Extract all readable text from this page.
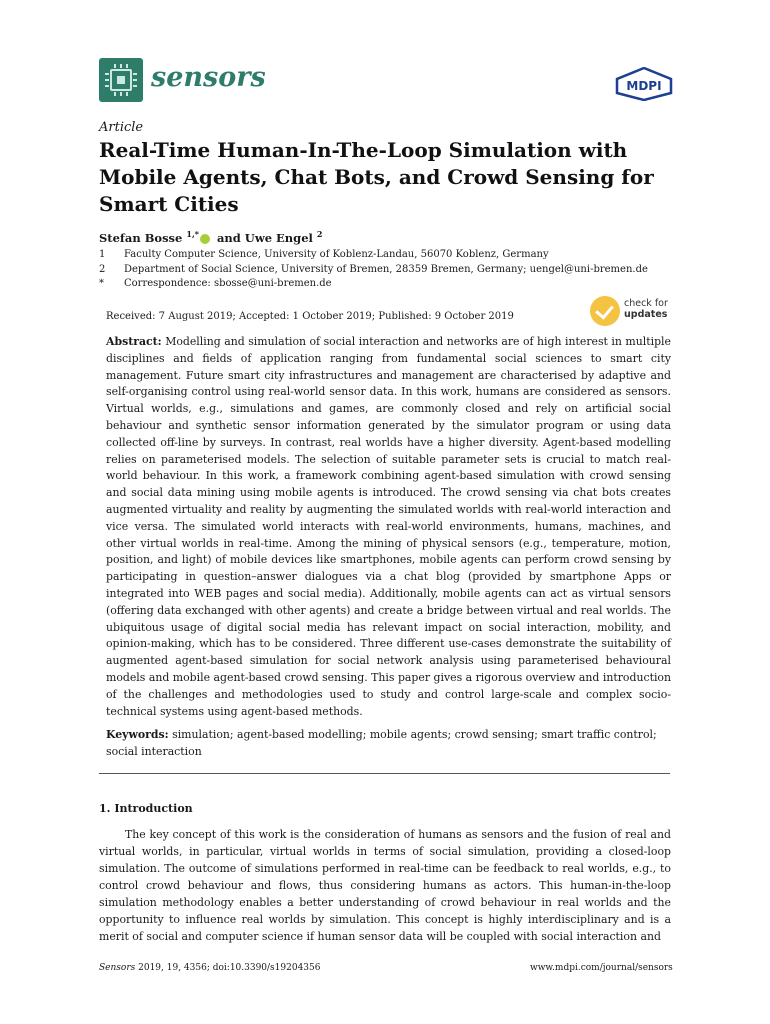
sensors	MDPI
Article
Real-Time Human-In-The-Loop Simulation with Mobile Agents, Chat Bots, and Crowd Sensing for Smart Cities
Stefan Bosse $^{1,*}$ and Uwe Engel $^2$
1 Faculty Computer Science, University of Koblenz-Landau, 56070 Koblenz, Germany
2 Department of Social Science, University of Bremen, 28359 Bremen, Germany; uengel@uni-bremen.de
* Correspondence: sbosse@uni-bremen.de
Received: 7 August 2019; Accepted: 1 October 2019; Published: 9 October 2019
check for
updates
Abstract: Modelling and simulation of social interaction and networks are of high interest in multiple disciplines and fields of application ranging from fundamental social sciences to smart city management. Future smart city infrastructures and management are characterised by adaptive and self-organising control using real-world sensor data. In this work, humans are considered as sensors. Virtual worlds, e.g., simulations and games, are commonly closed and rely on artificial social behaviour and synthetic sensor information generated by the simulator program or using data collected off-line by surveys. In contrast, real worlds have a higher diversity. Agent-based modelling relies on parameterised models. The selection of suitable parameter sets is crucial to match real-world behaviour. In this work, a framework combining agent-based simulation with crowd sensing and social data mining using mobile agents is introduced. The crowd sensing via chat bots creates augmented virtuality and reality by augmenting the simulated worlds with real-world interaction and vice versa. The simulated world interacts with real-world environments, humans, machines, and other virtual worlds in real-time. Among the mining of physical sensors (e.g., temperature, motion, position, and light) of mobile devices like smartphones, mobile agents can perform crowd sensing by participating in question–answer dialogues via a chat blog (provided by smartphone Apps or integrated into WEB pages and social media). Additionally, mobile agents can act as virtual sensors (offering data exchanged with other agents) and create a bridge between virtual and real worlds. The ubiquitous usage of digital social media has relevant impact on social interaction, mobility, and opinion-making, which has to be considered. Three different use-cases demonstrate the suitability of augmented agent-based simulation for social network analysis using parameterised behavioural models and mobile agent-based crowd sensing. This paper gives a rigorous overview and introduction of the challenges and methodologies used to study and control large-scale and complex socio-technical systems using agent-based methods.
Keywords: simulation; agent-based modelling; mobile agents; crowd sensing; smart traffic control; social interaction
1. Introduction

The key concept of this work is the consideration of humans as sensors and the fusion of real and virtual worlds, in particular, virtual worlds in terms of social simulation, providing a closed-loop simulation. The outcome of simulations performed in real-time can be feedback to real worlds, e.g., to control crowd behaviour and flows, thus considering humans as actors. This human-in-the-loop simulation methodology enables a better understanding of crowd behaviour in real worlds and the opportunity to influence real worlds by simulation. This concept is highly interdisciplinary and is a merit of social and computer science if human sensor data will be coupled with social interaction and

Sensors 2019, 19, 4356; doi:10.3390/s19204356	www.mdpi.com/journal/sensors
